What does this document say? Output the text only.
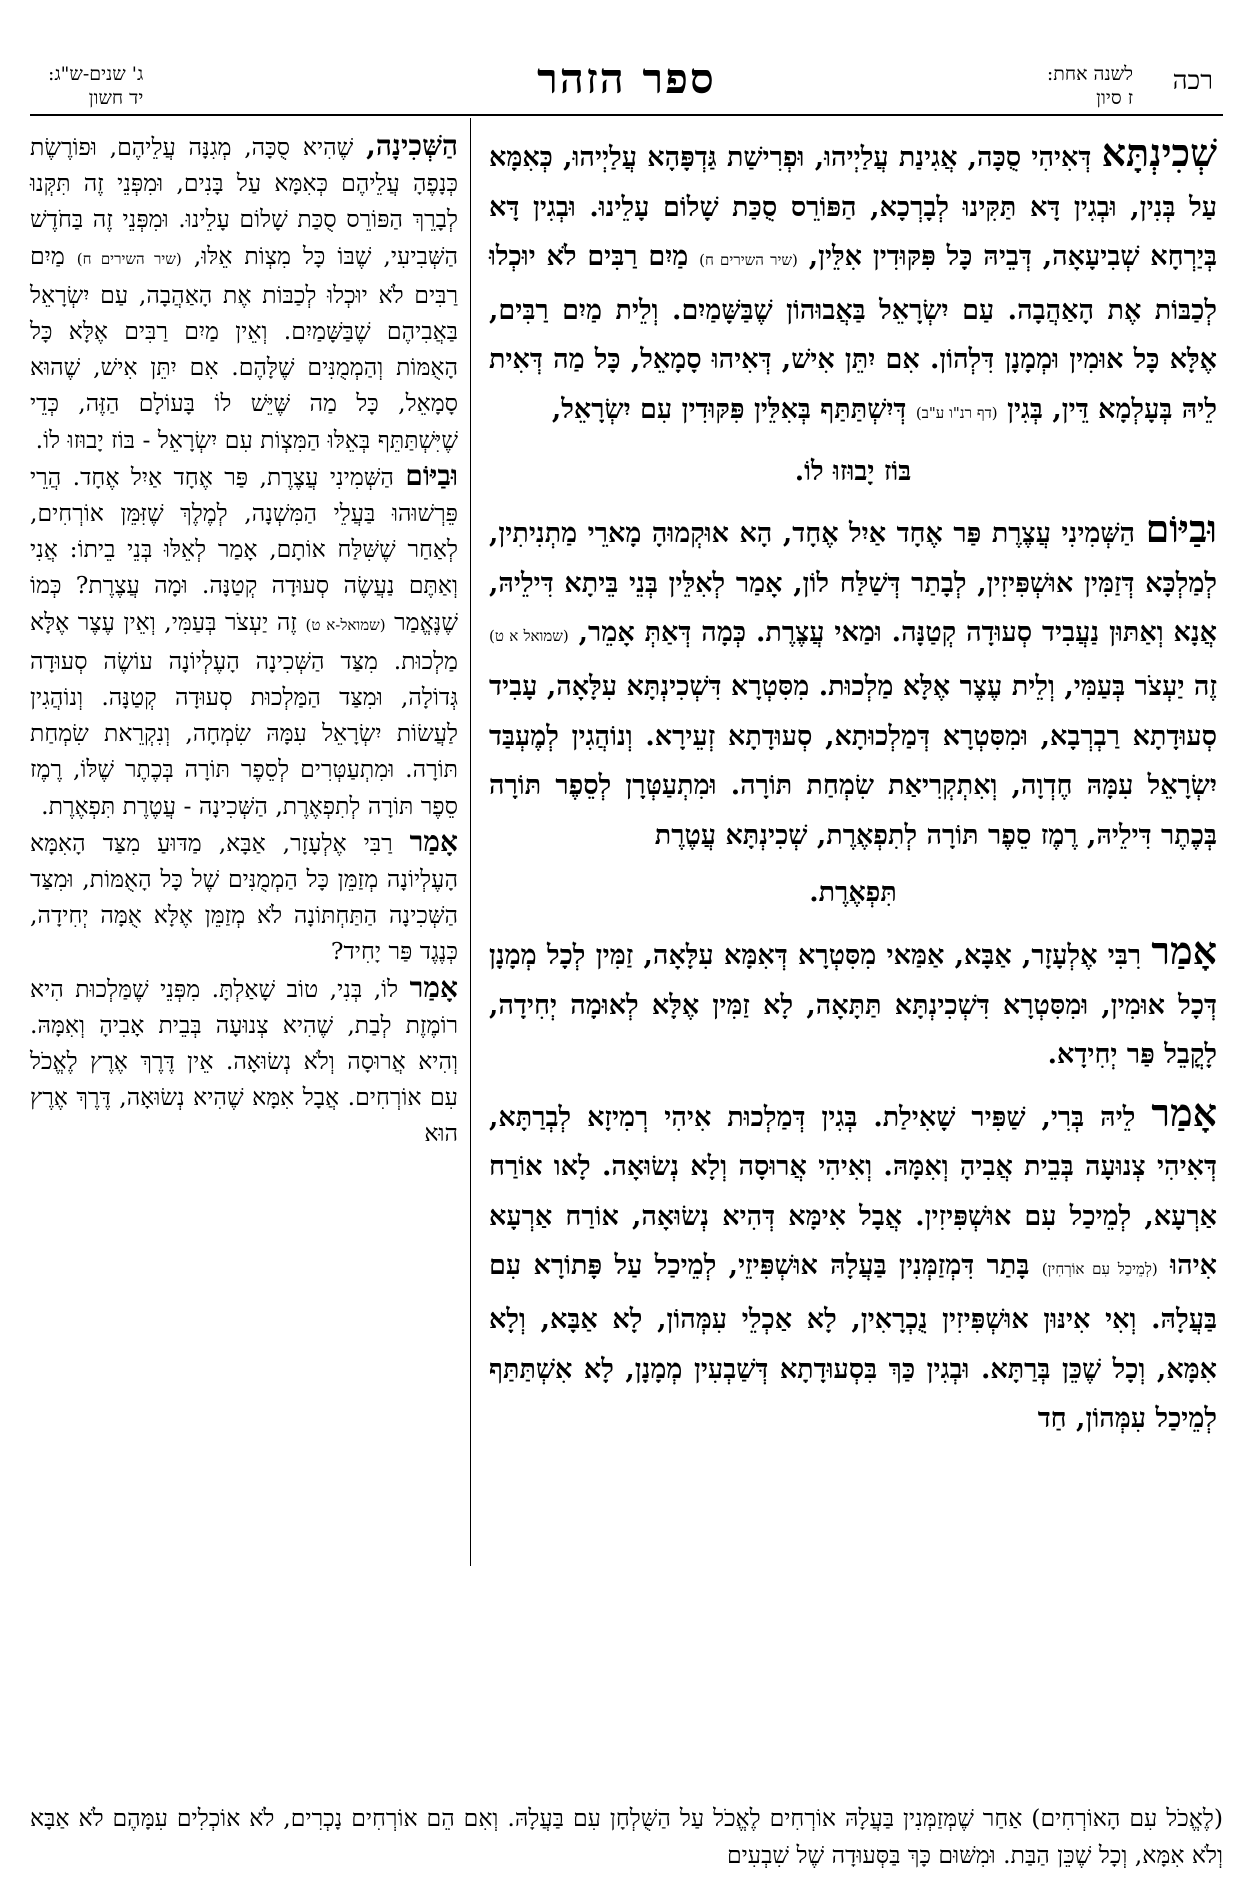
רכה
לשנה אחת:
ז סיון
ספר הזהר
ג' שנים-ש"ג:
יד חשון

שְׁכִינְתָּא דְּאִיהִי סֻכָּה, אֲגִינַת עֲלַיְיהוּ, וּפְרִישַׁת גַּדְפָּהָא עֲלַיְיהוּ, כְּאִמָּא עַל בְּנִין, וּבְגִין דָּא תַּקִּינוּ לְבָרְכָא, הַפּוֹרֵס סֻכַּת שָׁלוֹם עָלֵינוּ. וּבְגִין דָּא בְּיַרְחָא שְׁבִיעָאָה, דְּבֵיהּ כָּל פִּקּוּדִין אִלֵּין, (שיר השירים ח) מַיִם רַבִּים לֹא יוּכְלוּ לְכַבּוֹת אֶת הָאַהֲבָה. עַם יִשְׂרָאֵל בַּאֲבוּהוֹן שֶׁבַּשָּׁמַיִם. וְלֵית מַיִם רַבִּים, אֶלָּא כָּל אוּמִין וּמְמָנָן דִּלְהוֹן. אִם יִתֵּן אִישׁ, דְּאִיהוּ סָמָאֵל, כָּל מַה דְּאִית לֵיהּ בְּעָלְמָא דֵּין, בְּגִין (דף רנ"ו ע"ב) דְּיִשְׁתַּתַּף בְּאִלֵּין פִּקּוּדִין עִם יִשְׂרָאֵל,

בּוֹז יָבוּזוּ לוֹ.

וּבַיּוֹם הַשְּׁמִינִי עֲצֶרֶת פַּר אֶחָד אַיִל אֶחָד, הָא אוּקְמוּהָ מָארֵי מַתְנִיתִין, לְמַלְכָּא דְּזַמִּין אוּשְׁפִּיזִין, לְבָתַר דְּשַׁלַּח לוֹן, אָמַר לְאִלֵּין בְּנֵי בֵּיתָא דִּילֵיהּ, אֲנָא וְאַתּוּן נַעֲבִיד סְעוּדָה קְטַנָּה. וּמַאי עֲצֶרֶת. כְּמָה דְּאַתְּ אָמֵר, (שמואל א ט) זֶה יַעְצֹר בְּעַמִּי, וְלֵית עֶצֶר אֶלָּא מַלְכוּת. מִסִּטְרָא דִּשְׁכִינְתָּא עִלָּאָה, עָבִיד סְעוּדָתָא רַבְרְבָא, וּמִסִּטְרָא דְּמַלְכוּתָא, סְעוּדָתָא זְעֵירָא. וְנוֹהֲגִין לְמֶעְבַּד יִשְׂרָאֵל עִמָּהּ חֶדְוָה, וְאִתְקְרִיאַת שִׂמְחַת תּוֹרָה. וּמִתְעַטְּרָן לְסֵפֶר תּוֹרָה בְּכֶתֶר דִּילֵיהּ, רֶמֶז סֵפֶר תּוֹרָה לְתִפְאֶרֶת, שְׁכִינְתָּא עֲטֶרֶת

תִּפְאֶרֶת.

אָמַר רִבִּי אֶלְעָזָר, אַבָּא, אַמַּאי מִסִּטְרָא דְּאִמָּא עִלָּאָה, זַמִּין לְכָל מְמָנָן דְּכָל אוּמִין, וּמִסִּטְרָא דִּשְׁכִינְתָּא תַּתָּאָה, לָא זַמִּין אֶלָּא לְאוּמָה יְחִידָה, לָקֳבֵל פַּר יְחִידָא.

אָמַר לֵיהּ בְּרִי, שַׁפִּיר שָׁאִילַת. בְּגִין דְּמַלְכוּת אִיהִי רְמִיזָא לְבְרַתָּא, דְּאִיהִי צְנוּעָה בְּבֵית אֲבִיהָ וְאִמָּהּ. וְאִיהִי אֲרוּסָה וְלָא נְשׂוּאָה. לָאו אוֹרַח אַרְעָא, לְמֵיכַל עִם אוּשְׁפִּיזִין. אֲבָל אִימָּא דְּהִיא נְשׂוּאָה, אוֹרַח אַרְעָא אִיהוּ (לְמֵיכַל עִם אוֹרְחִין) בָּתַר דִּמְזַמְּנִין בַּעֲלָהּ אוּשְׁפִּיזֵי, לְמֵיכַל עַל פָּתוֹרָא עִם בַּעֲלָהּ. וְאִי אִינּוּן אוּשְׁפִּיזִין נֻכְרָאִין, לָא אַכְלֵי עִמְּהוֹן, לָא אַבָּא, וְלָא אִמָּא, וְכָל שֶׁכֵּן בְּרַתָּא. וּבְגִין כַּךְ בִּסְעוּדָתָא דְּשַׁבְעִין מְמָנָן, לָא אִשְׁתַּתַּף לְמֵיכַל עִמְּהוֹן, חַד

הַשְּׁכִינָה, שֶׁהִיא סֻכָּה, מְגִנָּה עֲלֵיהֶם, וּפוֹרֶשֶׂת כְּנָפֶהָ עֲלֵיהֶם כְּאִמָּא עַל בָּנִים, וּמִפְּנֵי זֶה תִּקְּנוּ לְבָרֵךְ הַפּוֹרֵס סֻכַּת שָׁלוֹם עָלֵינוּ. וּמִפְּנֵי זֶה בַּחֹדֶשׁ הַשְּׁבִיעִי, שֶׁבּוֹ כָּל מִצְוֹת אֵלּוּ, (שיר השירים ח) מַיִם רַבִּים לֹא יוּכְלוּ לְכַבּוֹת אֶת הָאַהֲבָה, עַם יִשְׂרָאֵל בַּאֲבִיהֶם שֶׁבַּשָּׁמַיִם. וְאֵין מַיִם רַבִּים אֶלָּא כָּל הָאֻמּוֹת וְהַמְמֻנִּים שֶׁלָּהֶם. אִם יִתֵּן אִישׁ, שֶׁהוּא סָמָאֵל, כָּל מַה שֶּׁיֵּשׁ לוֹ בָּעוֹלָם הַזֶּה, כְּדֵי שֶׁיִּשְׁתַּתֵּף בְּאֵלּוּ הַמִּצְוֹת עִם יִשְׂרָאֵל - בּוֹז יָבוּזוּ לוֹ.

וּבַיּוֹם הַשְּׁמִינִי עֲצֶרֶת, פַּר אֶחָד אַיִל אֶחָד. הֲרֵי פֵּרְשׁוּהוּ בַּעֲלֵי הַמִּשְׁנָה, לְמֶלֶךְ שֶׁזִּמֵּן אוֹרְחִים, לְאַחַר שֶׁשִּׁלַּח אוֹתָם, אָמַר לְאֵלּוּ בְּנֵי בֵיתוֹ: אֲנִי וְאַתֶּם נַעֲשֶׂה סְעוּדָה קְטַנָּה. וּמָה עֲצֶרֶת? כְּמוֹ שֶׁנֶּאֱמַר (שמואל-א ט) זֶה יַעְצֹר בְּעַמִּי, וְאֵין עֶצֶר אֶלָּא מַלְכוּת. מִצַּד הַשְּׁכִינָה הָעֶלְיוֹנָה עוֹשֶׂה סְעוּדָה גְּדוֹלָה, וּמִצַּד הַמַּלְכוּת סְעוּדָה קְטַנָּה. וְנוֹהֲגִין לַעֲשׂוֹת יִשְׂרָאֵל עִמָּהּ שִׂמְחָה, וְנִקְרֵאת שִׂמְחַת תּוֹרָה. וּמִתְעַטְּרִים לְסֵפֶר תּוֹרָה בְּכֶתֶר שֶׁלּוֹ, רֶמֶז סֵפֶר תּוֹרָה לְתִפְאֶרֶת, הַשְּׁכִינָה - עֲטֶרֶת תִּפְאֶרֶת.

אָמַר רַבִּי אֶלְעָזָר, אַבָּא, מַדּוּעַ מִצַּד הָאִמָּא הָעֶלְיוֹנָה מְזַמֵּן כָּל הַמְמֻנִּים שֶׁל כָּל הָאֻמּוֹת, וּמִצַּד הַשְּׁכִינָה הַתַּחְתּוֹנָה לֹא מְזַמֵּן אֶלָּא אֻמָּה יְחִידָה, כְּנֶגֶד פַּר יָחִיד?

אָמַר לוֹ, בְּנִי, טוֹב שָׁאַלְתָּ. מִפְּנֵי שֶׁמַּלְכוּת הִיא רוֹמֶזֶת לְבַת, שֶׁהִיא צְנוּעָה בְּבֵית אָבִיהָ וְאִמָּהּ. וְהִיא אֲרוּסָה וְלֹא נְשׂוּאָה. אֵין דֶּרֶךְ אֶרֶץ לֶאֱכֹל עִם אוֹרְחִים. אֲבָל אִמָּא שֶׁהִיא נְשׂוּאָה, דֶּרֶךְ אֶרֶץ הוּא

(לֶאֱכֹל עִם הָאוֹרְחִים) אַחַר שֶׁמְּזַמְּנִין בַּעֲלָהּ אוֹרְחִים לֶאֱכֹל עַל הַשֻּׁלְחָן עִם בַּעֲלָהּ. וְאִם הֵם אוֹרְחִים נָכְרִים, לֹא אוֹכְלִים עִמָּהֶם לֹא אַבָּא וְלֹא אִמָּא, וְכָל שֶׁכֵּן הַבַּת. וּמִשּׁוּם כָּךְ בַּסְּעוּדָה שֶׁל שִׁבְעִים
